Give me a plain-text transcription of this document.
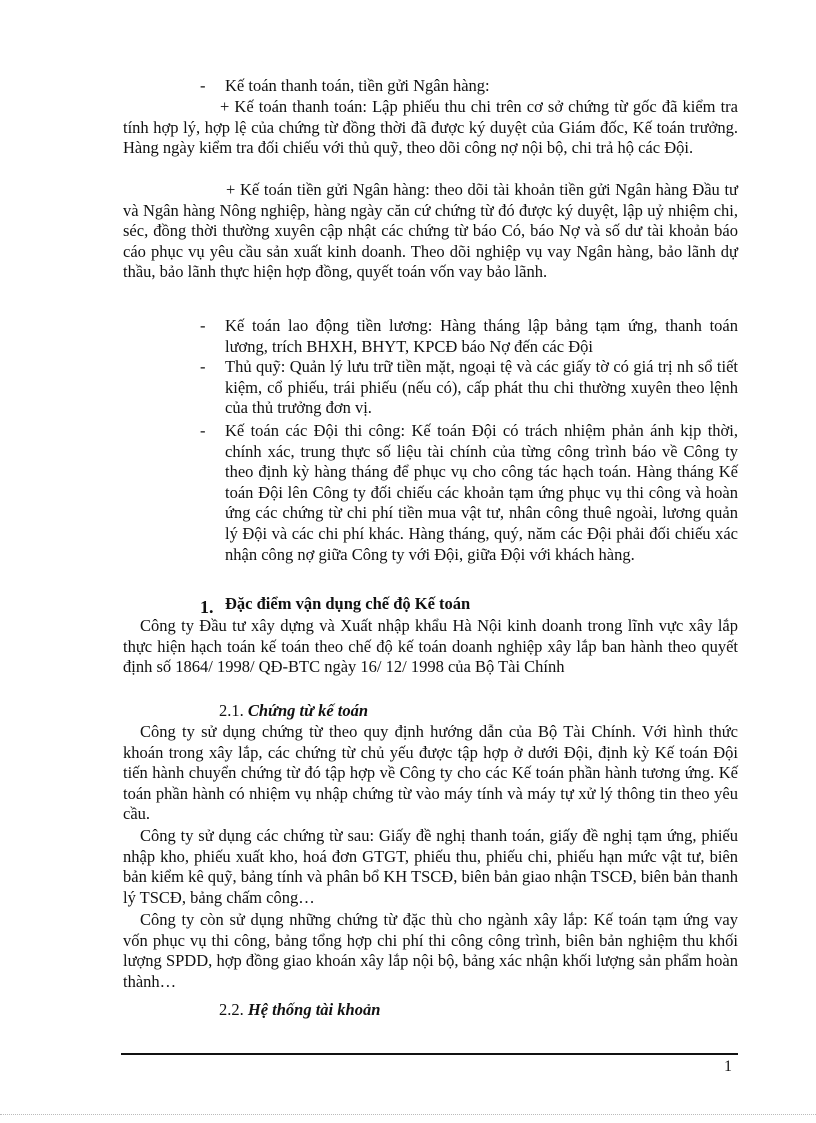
- Kế toán thanh toán, tiền gửi Ngân hàng:
+ Kế toán thanh toán: Lập phiếu thu chi trên cơ sở chứng từ gốc đã kiểm tra tính hợp lý, hợp lệ của chứng từ đồng thời đã được ký duyệt của Giám đốc, Kế toán trưởng. Hàng ngày kiểm tra đối chiếu với thủ quỹ, theo dõi công nợ nội bộ, chi trả hộ các Đội.
+ Kế toán tiền gửi Ngân hàng: theo dõi tài khoản tiền gửi Ngân hàng Đầu tư và Ngân hàng Nông nghiệp, hàng ngày căn cứ chứng từ đó được ký duyệt, lập uỷ nhiệm chi, séc, đồng thời thường xuyên cập nhật các chứng từ báo Có, báo Nợ và số dư tài khoản báo cáo phục vụ yêu cầu sản xuất kinh doanh. Theo dõi nghiệp vụ vay Ngân hàng, bảo lãnh dự thầu, bảo lãnh thực hiện hợp đồng, quyết toán vốn vay bảo lãnh.
- Kế toán lao động tiền lương: Hàng tháng lập bảng tạm ứng, thanh toán lương, trích BHXH, BHYT, KPCĐ báo Nợ đến các Đội
- Thủ quỹ: Quản lý lưu trữ tiền mặt, ngoại tệ và các giấy tờ có giá trị nh sổ tiết kiệm, cổ phiếu, trái phiếu (nếu có), cấp phát thu chi thường xuyên theo lệnh của thủ trưởng đơn vị.
- Kế toán các Đội thi công: Kế toán Đội có trách nhiệm phản ánh kịp thời, chính xác, trung thực số liệu tài chính của từng công trình báo về Công ty theo định kỳ hàng tháng để phục vụ cho công tác hạch toán. Hàng tháng Kế toán Đội lên Công ty đối chiếu các khoản tạm ứng phục vụ thi công và hoàn ứng các chứng từ chi phí tiền mua vật tư, nhân công thuê ngoài, lương quản lý Đội và các chi phí khác. Hàng tháng, quý, năm các Đội phải đối chiếu xác nhận công nợ giữa Công ty với Đội, giữa Đội với khách hàng.
1. Đặc điểm vận dụng chế độ Kế toán
Công ty Đầu tư xây dựng và Xuất nhập khẩu Hà Nội kinh doanh trong lĩnh vực xây lắp thực hiện hạch toán kế toán theo chế độ kế toán doanh nghiệp xây lắp ban hành theo quyết định số 1864/ 1998/ QĐ-BTC ngày 16/ 12/ 1998 của Bộ Tài Chính
2.1. Chứng từ kế toán
Công ty sử dụng chứng từ theo quy định hướng dẫn của Bộ Tài Chính. Với hình thức khoán trong xây lắp, các chứng từ chủ yếu được tập hợp ở dưới Đội, định kỳ Kế toán Đội tiến hành chuyển chứng từ đó tập hợp về Công ty cho các Kế toán phần hành tương ứng. Kế toán phần hành có nhiệm vụ nhập chứng từ vào máy tính và máy tự xử lý thông tin theo yêu cầu.
Công ty sử dụng các chứng từ sau: Giấy đề nghị thanh toán, giấy đề nghị tạm ứng, phiếu nhập kho, phiếu xuất kho, hoá đơn GTGT, phiếu thu, phiếu chi, phiếu hạn mức vật tư, biên bản kiểm kê quỹ, bảng tính và phân bổ KH TSCĐ, biên bản giao nhận TSCĐ, biên bản thanh lý TSCĐ, bảng chấm công…
Công ty còn sử dụng những chứng từ đặc thù cho ngành xây lắp: Kế toán tạm ứng vay vốn phục vụ thi công, bảng tổng hợp chi phí thi công công trình, biên bản nghiệm thu khối lượng SPDD, hợp đồng giao khoán xây lắp nội bộ, bảng xác nhận khối lượng sản phẩm hoàn thành…
2.2. Hệ thống tài khoản
1
